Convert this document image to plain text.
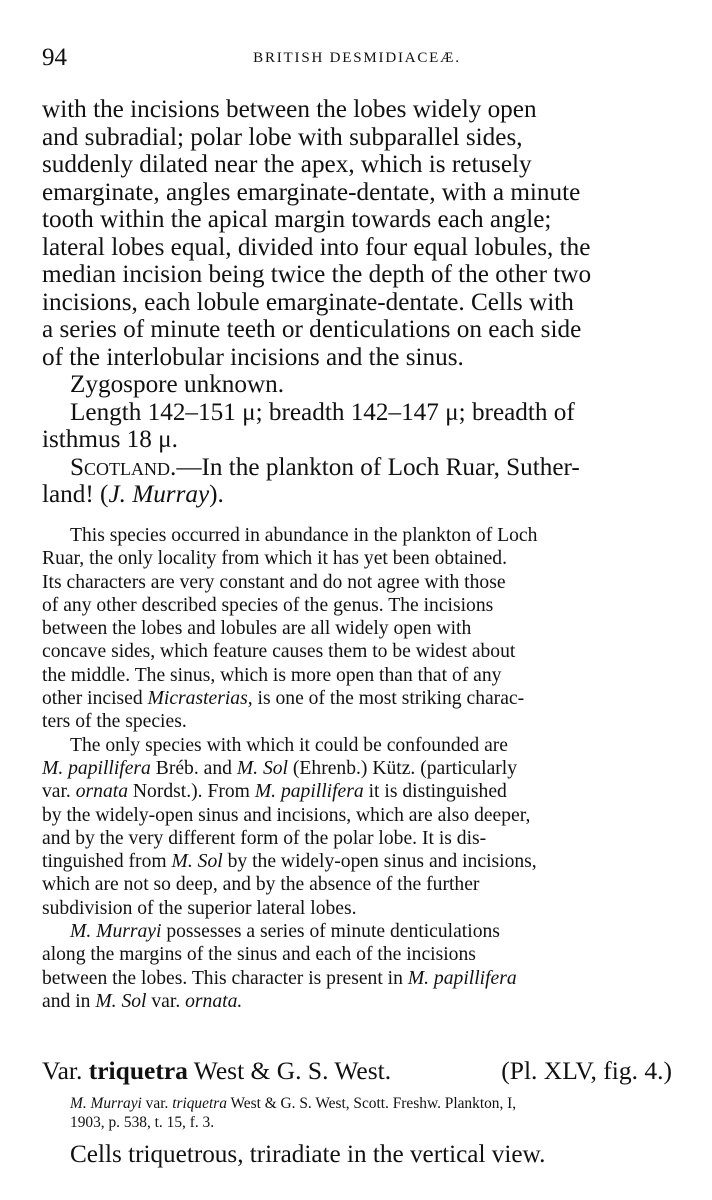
94	BRITISH DESMIDIACEÆ.

with the incisions between the lobes widely open

and subradial; polar lobe with subparallel sides,

suddenly dilated near the apex, which is retusely

emarginate, angles emarginate-dentate, with a minute

tooth within the apical margin towards each angle;

lateral lobes equal, divided into four equal lobules, the

median incision being twice the depth of the other two

incisions, each lobule emarginate-dentate. Cells with

a series of minute teeth or denticulations on each side

of the interlobular incisions and the sinus.

Zygospore unknown.

Length 142–151 μ; breadth 142–147 μ; breadth of

isthmus 18 μ.

Scotland.—In the plankton of Loch Ruar, Suther-

land! (J. Murray).

This species occurred in abundance in the plankton of Loch

Ruar, the only locality from which it has yet been obtained.

Its characters are very constant and do not agree with those

of any other described species of the genus. The incisions

between the lobes and lobules are all widely open with

concave sides, which feature causes them to be widest about

the middle. The sinus, which is more open than that of any

other incised Micrasterias, is one of the most striking charac-

ters of the species.

The only species with which it could be confounded are

M. papillifera Bréb. and M. Sol (Ehrenb.) Kütz. (particularly

var. ornata Nordst.). From M. papillifera it is distinguished

by the widely-open sinus and incisions, which are also deeper,

and by the very different form of the polar lobe. It is dis-

tinguished from M. Sol by the widely-open sinus and incisions,

which are not so deep, and by the absence of the further

subdivision of the superior lateral lobes.

M. Murrayi possesses a series of minute denticulations

along the margins of the sinus and each of the incisions

between the lobes. This character is present in M. papillifera

and in M. Sol var. ornata.

Var. triquetra West & G. S. West.	(Pl. XLV, fig. 4.)

M. Murrayi var. triquetra West & G. S. West, Scott. Freshw. Plankton, I,

1903, p. 538, t. 15, f. 3.

Cells triquetrous, triradiate in the vertical view.
